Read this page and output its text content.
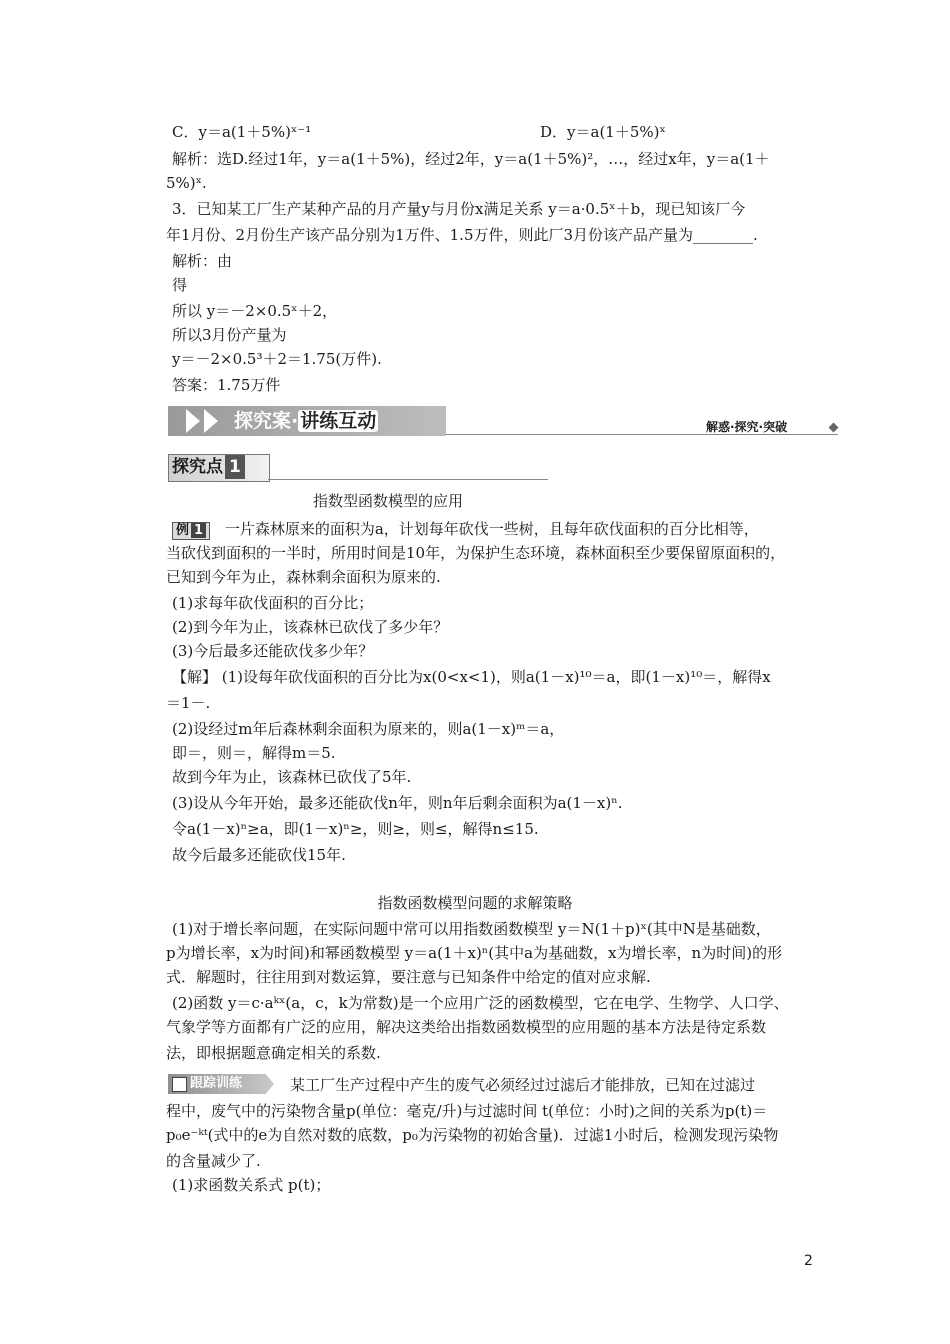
C．y＝a(1＋5%)ˣ⁻¹	D．y＝a(1＋5%)ˣ
解析：选D.经过1年，y＝a(1＋5%)，经过2年，y＝a(1＋5%)²，…，经过x年，y＝a(1＋
5%)ˣ.
3．已知某工厂生产某种产品的月产量y与月份x满足关系 y＝a·0.5ˣ＋b，现已知该厂今
年1月份、2月份生产该产品分别为1万件、1.5万件，则此厂3月份该产品产量为________.
解析：由
得
所以 y＝－2×0.5ˣ＋2，
所以3月份产量为
y＝－2×0.5³＋2＝1.75(万件).
答案：1.75万件
探究案· 讲练互动	解惑·探究·突破
探究点 1
指数型函数模型的应用
例 1 一片森林原来的面积为a，计划每年砍伐一些树，且每年砍伐面积的百分比相等，
当砍伐到面积的一半时，所用时间是10年，为保护生态环境，森林面积至少要保留原面积的，
已知到今年为止，森林剩余面积为原来的.
(1)求每年砍伐面积的百分比；
(2)到今年为止，该森林已砍伐了多少年？
(3)今后最多还能砍伐多少年？
【解】 (1)设每年砍伐面积的百分比为x(0<x<1)，则a(1－x)¹⁰＝a，即(1－x)¹⁰＝，解得x
＝1－.
(2)设经过m年后森林剩余面积为原来的，则a(1－x)ᵐ＝a，
即＝，则＝，解得m＝5.
故到今年为止，该森林已砍伐了5年.
(3)设从今年开始，最多还能砍伐n年，则n年后剩余面积为a(1－x)ⁿ.
令a(1－x)ⁿ≥a，即(1－x)ⁿ≥，则≥，则≤，解得n≤15.
故今后最多还能砍伐15年.
指数函数模型问题的求解策略
(1)对于增长率问题，在实际问题中常可以用指数函数模型 y＝N(1＋p)ˣ(其中N是基础数，
p为增长率，x为时间)和幂函数模型 y＝a(1＋x)ⁿ(其中a为基础数，x为增长率，n为时间)的形
式．解题时，往往用到对数运算，要注意与已知条件中给定的值对应求解.
(2)函数 y＝c·aᵏˣ(a，c，k为常数)是一个应用广泛的函数模型，它在电学、生物学、人口学、
气象学等方面都有广泛的应用，解决这类给出指数函数模型的应用题的基本方法是待定系数
法，即根据题意确定相关的系数.
跟踪训练	某工厂生产过程中产生的废气必须经过过滤后才能排放，已知在过滤过
程中，废气中的污染物含量p(单位：毫克/升)与过滤时间 t(单位：小时)之间的关系为p(t)＝
p₀e⁻ᵏᵗ(式中的e为自然对数的底数，p₀为污染物的初始含量)．过滤1小时后，检测发现污染物
的含量减少了.
(1)求函数关系式 p(t)；
2
